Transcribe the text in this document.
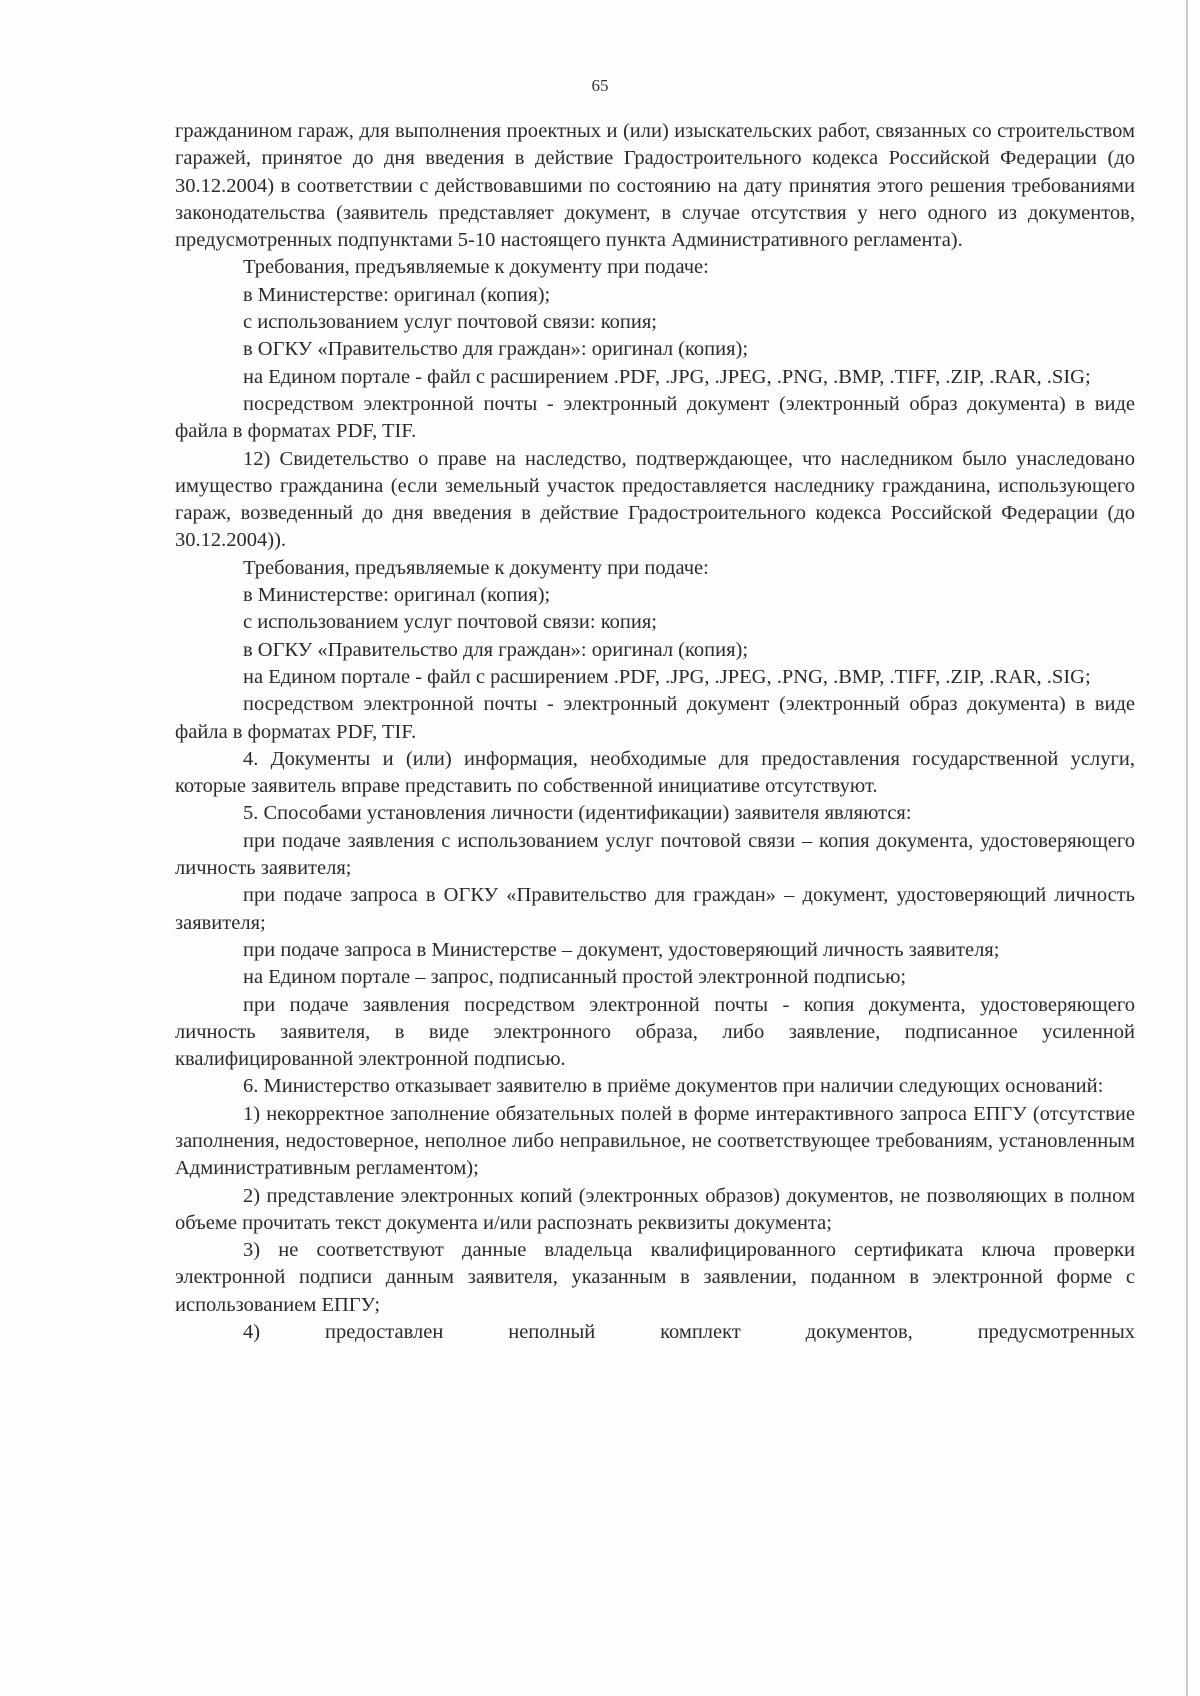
65

гражданином гараж, для выполнения проектных и (или) изыскательских работ, связанных со строительством гаражей, принятое до дня введения в действие Градостроительного кодекса Российской Федерации (до 30.12.2004) в соответствии с действовавшими по состоянию на дату принятия этого решения требованиями законодательства (заявитель представляет документ, в случае отсутствия у него одного из документов, предусмотренных подпунктами 5-10 настоящего пункта Административного регламента).

Требования, предъявляемые к документу при подаче:

в Министерстве: оригинал (копия);

с использованием услуг почтовой связи: копия;

в ОГКУ «Правительство для граждан»: оригинал (копия);

на Едином портале - файл с расширением .PDF, .JPG, .JPEG, .PNG, .BMP, .TIFF, .ZIP, .RAR, .SIG;

посредством электронной почты - электронный документ (электронный образ документа) в виде файла в форматах PDF, TIF.

12) Свидетельство о праве на наследство, подтверждающее, что наследником было унаследовано имущество гражданина (если земельный участок предоставляется наследнику гражданина, использующего гараж, возведенный до дня введения в действие Градостроительного кодекса Российской Федерации (до 30.12.2004)).

Требования, предъявляемые к документу при подаче:

в Министерстве: оригинал (копия);

с использованием услуг почтовой связи: копия;

в ОГКУ «Правительство для граждан»: оригинал (копия);

на Едином портале - файл с расширением .PDF, .JPG, .JPEG, .PNG, .BMP, .TIFF, .ZIP, .RAR, .SIG;

посредством электронной почты - электронный документ (электронный образ документа) в виде файла в форматах PDF, TIF.

4. Документы и (или) информация, необходимые для предоставления государственной услуги, которые заявитель вправе представить по собственной инициативе отсутствуют.

5. Способами установления личности (идентификации) заявителя являются:

при подаче заявления с использованием услуг почтовой связи – копия документа, удостоверяющего личность заявителя;

при подаче запроса в ОГКУ «Правительство для граждан» – документ, удостоверяющий личность заявителя;

при подаче запроса в Министерстве – документ, удостоверяющий личность заявителя;

на Едином портале – запрос, подписанный простой электронной подписью;

при подаче заявления посредством электронной почты - копия документа, удостоверяющего личность заявителя, в виде электронного образа, либо заявление, подписанное усиленной квалифицированной электронной подписью.

6. Министерство отказывает заявителю в приёме документов при наличии следующих оснований:

1) некорректное заполнение обязательных полей в форме интерактивного запроса ЕПГУ (отсутствие заполнения, недостоверное, неполное либо неправильное, не соответствующее требованиям, установленным Административным регламентом);

2) представление электронных копий (электронных образов) документов, не позволяющих в полном объеме прочитать текст документа и/или распознать реквизиты документа;

3) не соответствуют данные владельца квалифицированного сертификата ключа проверки электронной подписи данным заявителя, указанным в заявлении, поданном в электронной форме с использованием ЕПГУ;

4) предоставлен неполный комплект документов, предусмотренных
